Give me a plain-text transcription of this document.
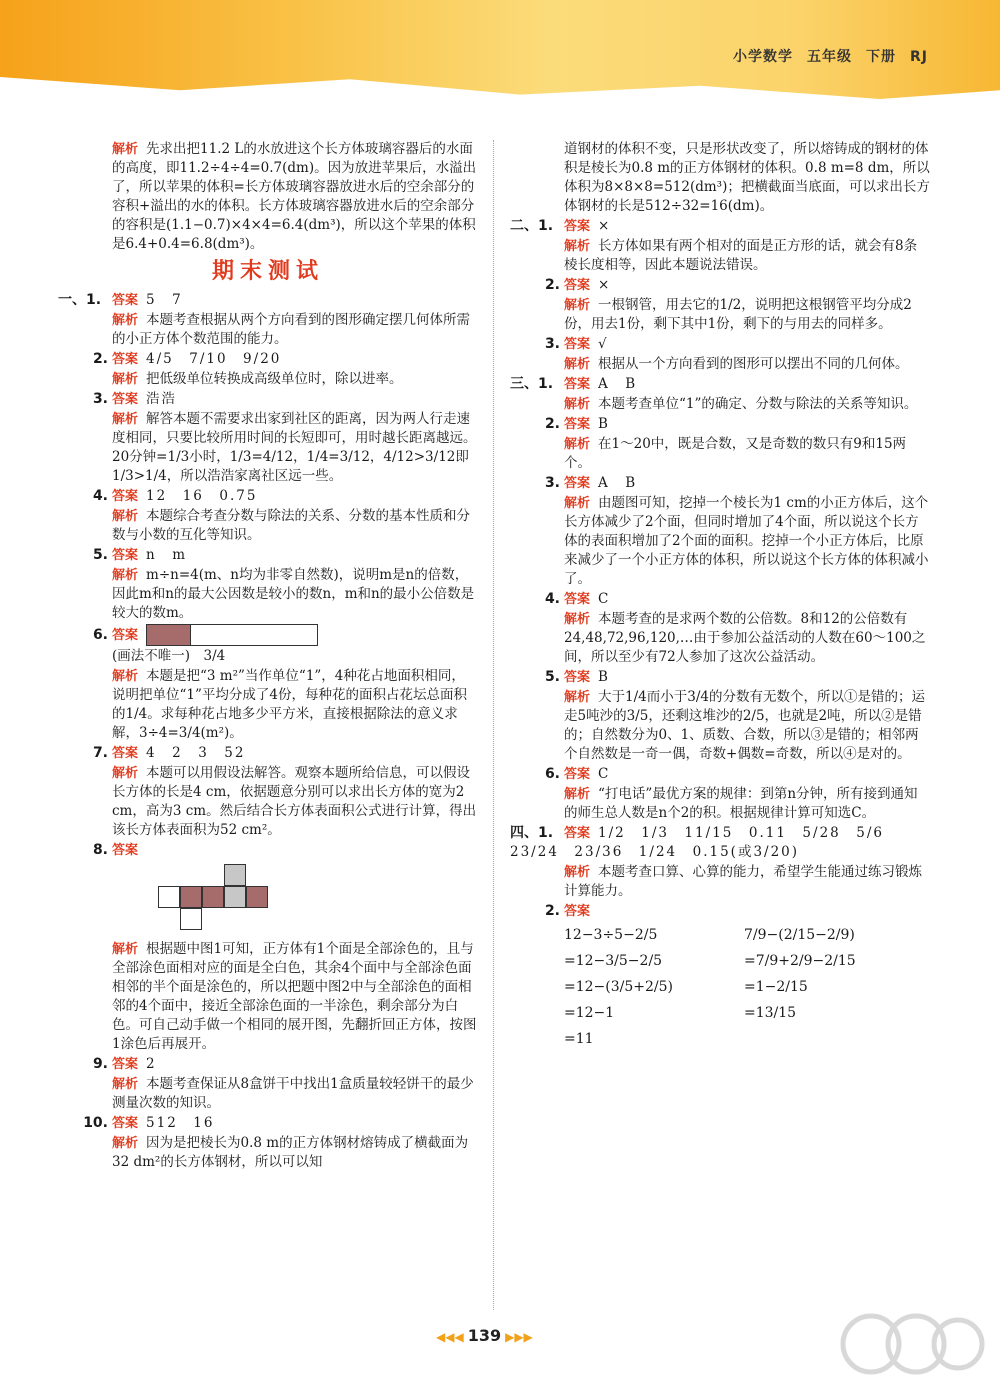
小学数学 五年级 下册 RJ
解析 先求出把11.2 L的水放进这个长方体玻璃容器后的水面的高度，即11.2÷4÷4=0.7(dm)。因为放进苹果后，水溢出了，所以苹果的体积=长方体玻璃容器放进水后的空余部分的容积+溢出的水的体积。长方体玻璃容器放进水后的空余部分的容积是(1.1−0.7)×4×4=6.4(dm³)，所以这个苹果的体积是6.4+0.4=6.8(dm³)。
期末测试
一、1. 答案 5　7
解析 本题考查根据从两个方向看到的图形确定摆几何体所需的小正方体个数范围的能力。
2. 答案 4/5　7/10　9/20
解析 把低级单位转换成高级单位时，除以进率。
3. 答案 浩浩
解析 解答本题不需要求出家到社区的距离，因为两人行走速度相同，只要比较所用时间的长短即可，用时越长距离越远。20分钟=1/3小时，1/3=4/12，1/4=3/12，4/12>3/12即1/3>1/4，所以浩浩家离社区远一些。
4. 答案 12　16　0.75
解析 本题综合考查分数与除法的关系、分数的基本性质和分数与小数的互化等知识。
5. 答案 n　m
解析 m÷n=4(m、n均为非零自然数)，说明m是n的倍数，因此m和n的最大公因数是较小的数n，m和n的最小公倍数是较大的数m。
6. 答案
(画法不唯一)　 3/4
解析 本题是把“3 m²”当作单位“1”，4种花占地面积相同，说明把单位“1”平均分成了4份，每种花的面积占花坛总面积的1/4。求每种花占地多少平方米，直接根据除法的意义求解，3÷4=3/4(m²)。
7. 答案 4　2　3　52
解析 本题可以用假设法解答。观察本题所给信息，可以假设长方体的长是4 cm，依据题意分别可以求出长方体的宽为2 cm，高为3 cm。然后结合长方体表面积公式进行计算，得出该长方体表面积为52 cm²。
8. 答案
解析 根据题中图1可知，正方体有1个面是全部涂色的，且与全部涂色面相对应的面是全白色，其余4个面中与全部涂色面相邻的半个面是涂色的，所以把题中图2中与全部涂色的面相邻的4个面中，接近全部涂色面的一半涂色，剩余部分为白色。可自己动手做一个相同的展开图，先翻折回正方体，按图1涂色后再展开。
9. 答案 2
解析 本题考查保证从8盒饼干中找出1盒质量较轻饼干的最少测量次数的知识。
10. 答案 512　16
解析 因为是把棱长为0.8 m的正方体钢材熔铸成了横截面为32 dm²的长方体钢材，所以可以知
道钢材的体积不变，只是形状改变了，所以熔铸成的钢材的体积是棱长为0.8 m的正方体钢材的体积。0.8 m=8 dm，所以体积为8×8×8=512(dm³)；把横截面当底面，可以求出长方体钢材的长是512÷32=16(dm)。
二、1. 答案 ×
解析 长方体如果有两个相对的面是正方形的话，就会有8条棱长度相等，因此本题说法错误。
2. 答案 ×
解析 一根钢管，用去它的1/2，说明把这根钢管平均分成2份，用去1份，剩下其中1份，剩下的与用去的同样多。
3. 答案 √
解析 根据从一个方向看到的图形可以摆出不同的几何体。
三、1. 答案 A　B
解析 本题考查单位“1”的确定、分数与除法的关系等知识。
2. 答案 B
解析 在1～20中，既是合数，又是奇数的数只有9和15两个。
3. 答案 A　B
解析 由题图可知，挖掉一个棱长为1 cm的小正方体后，这个长方体减少了2个面，但同时增加了4个面，所以说这个长方体的表面积增加了2个面的面积。挖掉一个小正方体后，比原来减少了一个小正方体的体积，所以说这个长方体的体积减小了。
4. 答案 C
解析 本题考查的是求两个数的公倍数。8和12的公倍数有24,48,72,96,120,…由于参加公益活动的人数在60～100之间，所以至少有72人参加了这次公益活动。
5. 答案 B
解析 大于1/4而小于3/4的分数有无数个，所以①是错的；运走5吨沙的3/5，还剩这堆沙的2/5，也就是2吨，所以②是错的；自然数分为0、1、质数、合数，所以③是错的；相邻两个自然数是一奇一偶，奇数+偶数=奇数，所以④是对的。
6. 答案 C
解析 “打电话”最优方案的规律：到第n分钟，所有接到通知的师生总人数是n个2的积。根据规律计算可知选C。
四、1. 答案 1/2　1/3　11/15　0.11　5/28　5/6　23/24　23/36　1/24　0.15(或3/20)
解析 本题考查口算、心算的能力，希望学生能通过练习锻炼计算能力。
2. 答案
12−3÷5−2/5
=12−3/5−2/5
=12−(3/5+2/5)
=12−1
=11
7/9−(2/15−2/9)
=7/9+2/9−2/15
=1−2/15
=13/15
◀◀◀ 139 ▶▶▶
